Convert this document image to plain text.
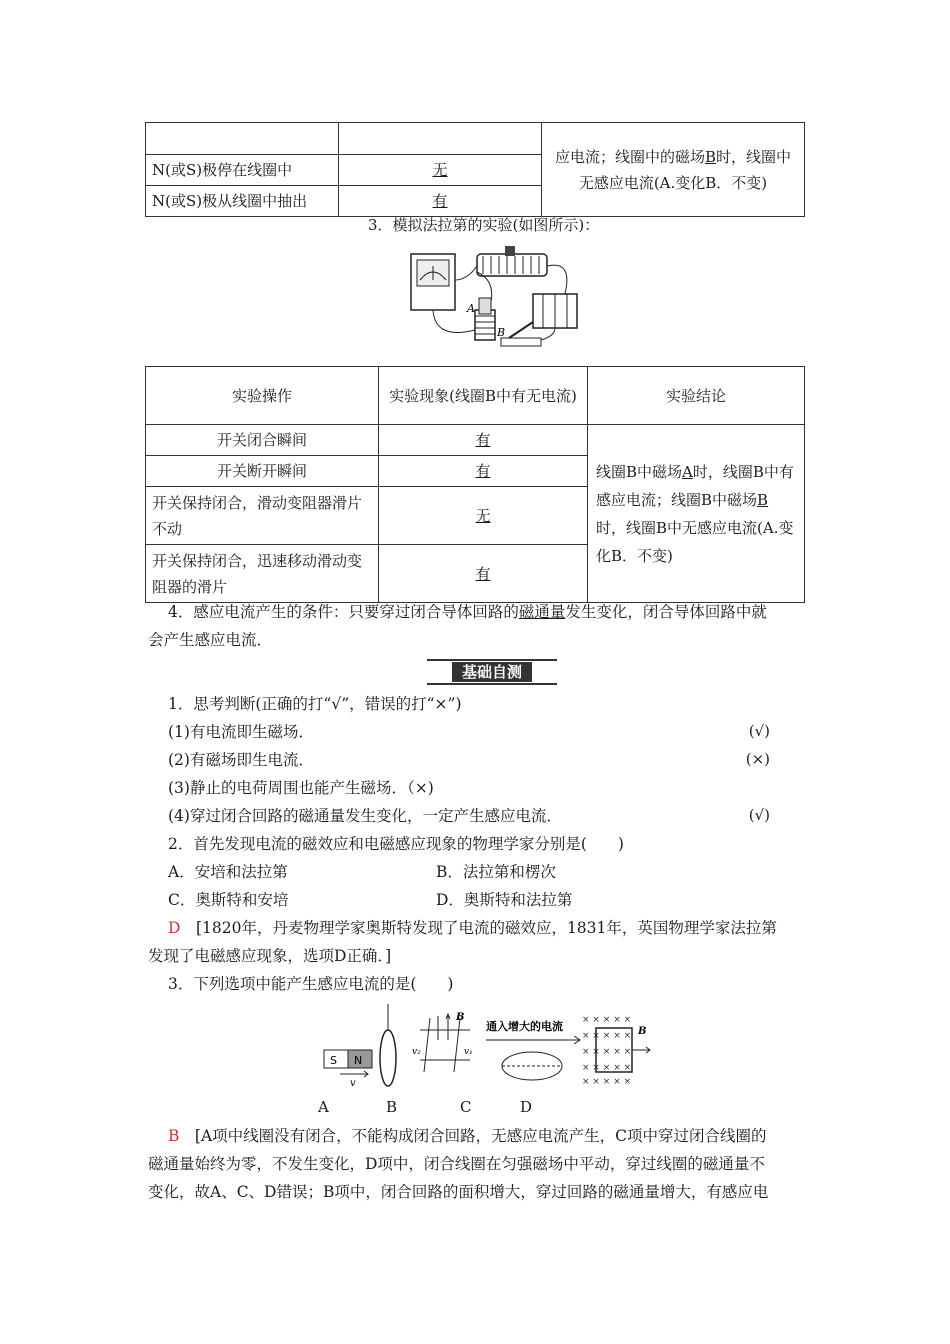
		应电流；线圈中的磁场B时，线圈中无感应电流(A.变化B．不变)
N(或S)极停在线圈中	无	
N(或S)极从线圈中抽出	有	
3．模拟法拉第的实验(如图所示)：
A
B
实验操作	实验现象(线圈B中有无电流)	实验结论
开关闭合瞬间	有	线圈B中磁场A时，线圈B中有感应电流；线圈B中磁场B时，线圈B中无感应电流(A.变化B．不变)
开关断开瞬间	有	
开关保持闭合，滑动变阻器滑片不动	无	
开关保持闭合，迅速移动滑动变阻器的滑片	有	
4．感应电流产生的条件：只要穿过闭合导体回路的磁通量发生变化，闭合导体回路中就
会产生感应电流．
基础自测
1．思考判断(正确的打“√”，错误的打“×”)
(1)有电流即生磁场．	(√)
(2)有磁场即生电流．	(×)
(3)静止的电荷周围也能产生磁场．（×)
(4)穿过闭合回路的磁通量发生变化，一定产生感应电流．	(√)
2．首先发现电流的磁效应和电磁感应现象的物理学家分别是(　　)
A．安培和法拉第	B．法拉第和楞次
C．奥斯特和安培	D．奥斯特和法拉第
D　 [1820年，丹麦物理学家奥斯特发现了电流的磁效应，1831年，英国物理学家法拉第
发现了电磁感应现象，选项D正确．]
3．下列选项中能产生感应电流的是(　　)
S N
v
B
v₂	v₁
通入增大的电流 × × × × ×
× × × × ×
× × × × ×
× × × × ×
× × × × ×
B
A	B	C	D
B　 [A项中线圈没有闭合，不能构成闭合回路，无感应电流产生，C项中穿过闭合线圈的
磁通量始终为零，不发生变化，D项中，闭合线圈在匀强磁场中平动，穿过线圈的磁通量不
变化，故A、C、D错误；B项中，闭合回路的面积增大，穿过回路的磁通量增大，有感应电
